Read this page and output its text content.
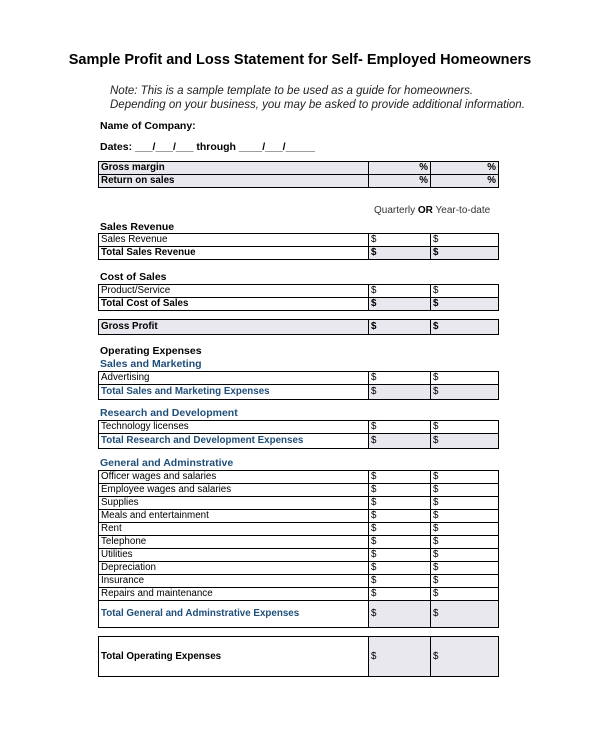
Sample Profit and Loss Statement for Self- Employed Homeowners
Note: This is a sample template to be used as a guide for homeowners.
Depending on your business, you may be asked to provide additional information.
Name of Company:
Dates: ___/___/___ through ____/___/_____
Gross margin	%	%
Return on sales	%	%
Quarterly OR Year-to-date
Sales Revenue
Sales Revenue	$	$
Total Sales Revenue	$	$
Cost of Sales
Product/Service	$	$
Total Cost of Sales	$	$
Gross Profit	$	$
Operating Expenses
Sales and Marketing
Advertising	$	$
Total Sales and Marketing Expenses	$	$
Research and Development
Technology licenses	$	$
Total Research and Development Expenses	$	$
General and Adminstrative
Officer wages and salaries	$	$
Employee wages and salaries	$	$
Supplies	$	$
Meals and entertainment	$	$
Rent	$	$
Telephone	$	$
Utilities	$	$
Depreciation	$	$
Insurance	$	$
Repairs and maintenance	$	$
Total General and Adminstrative Expenses	$	$
Total Operating Expenses	$	$
